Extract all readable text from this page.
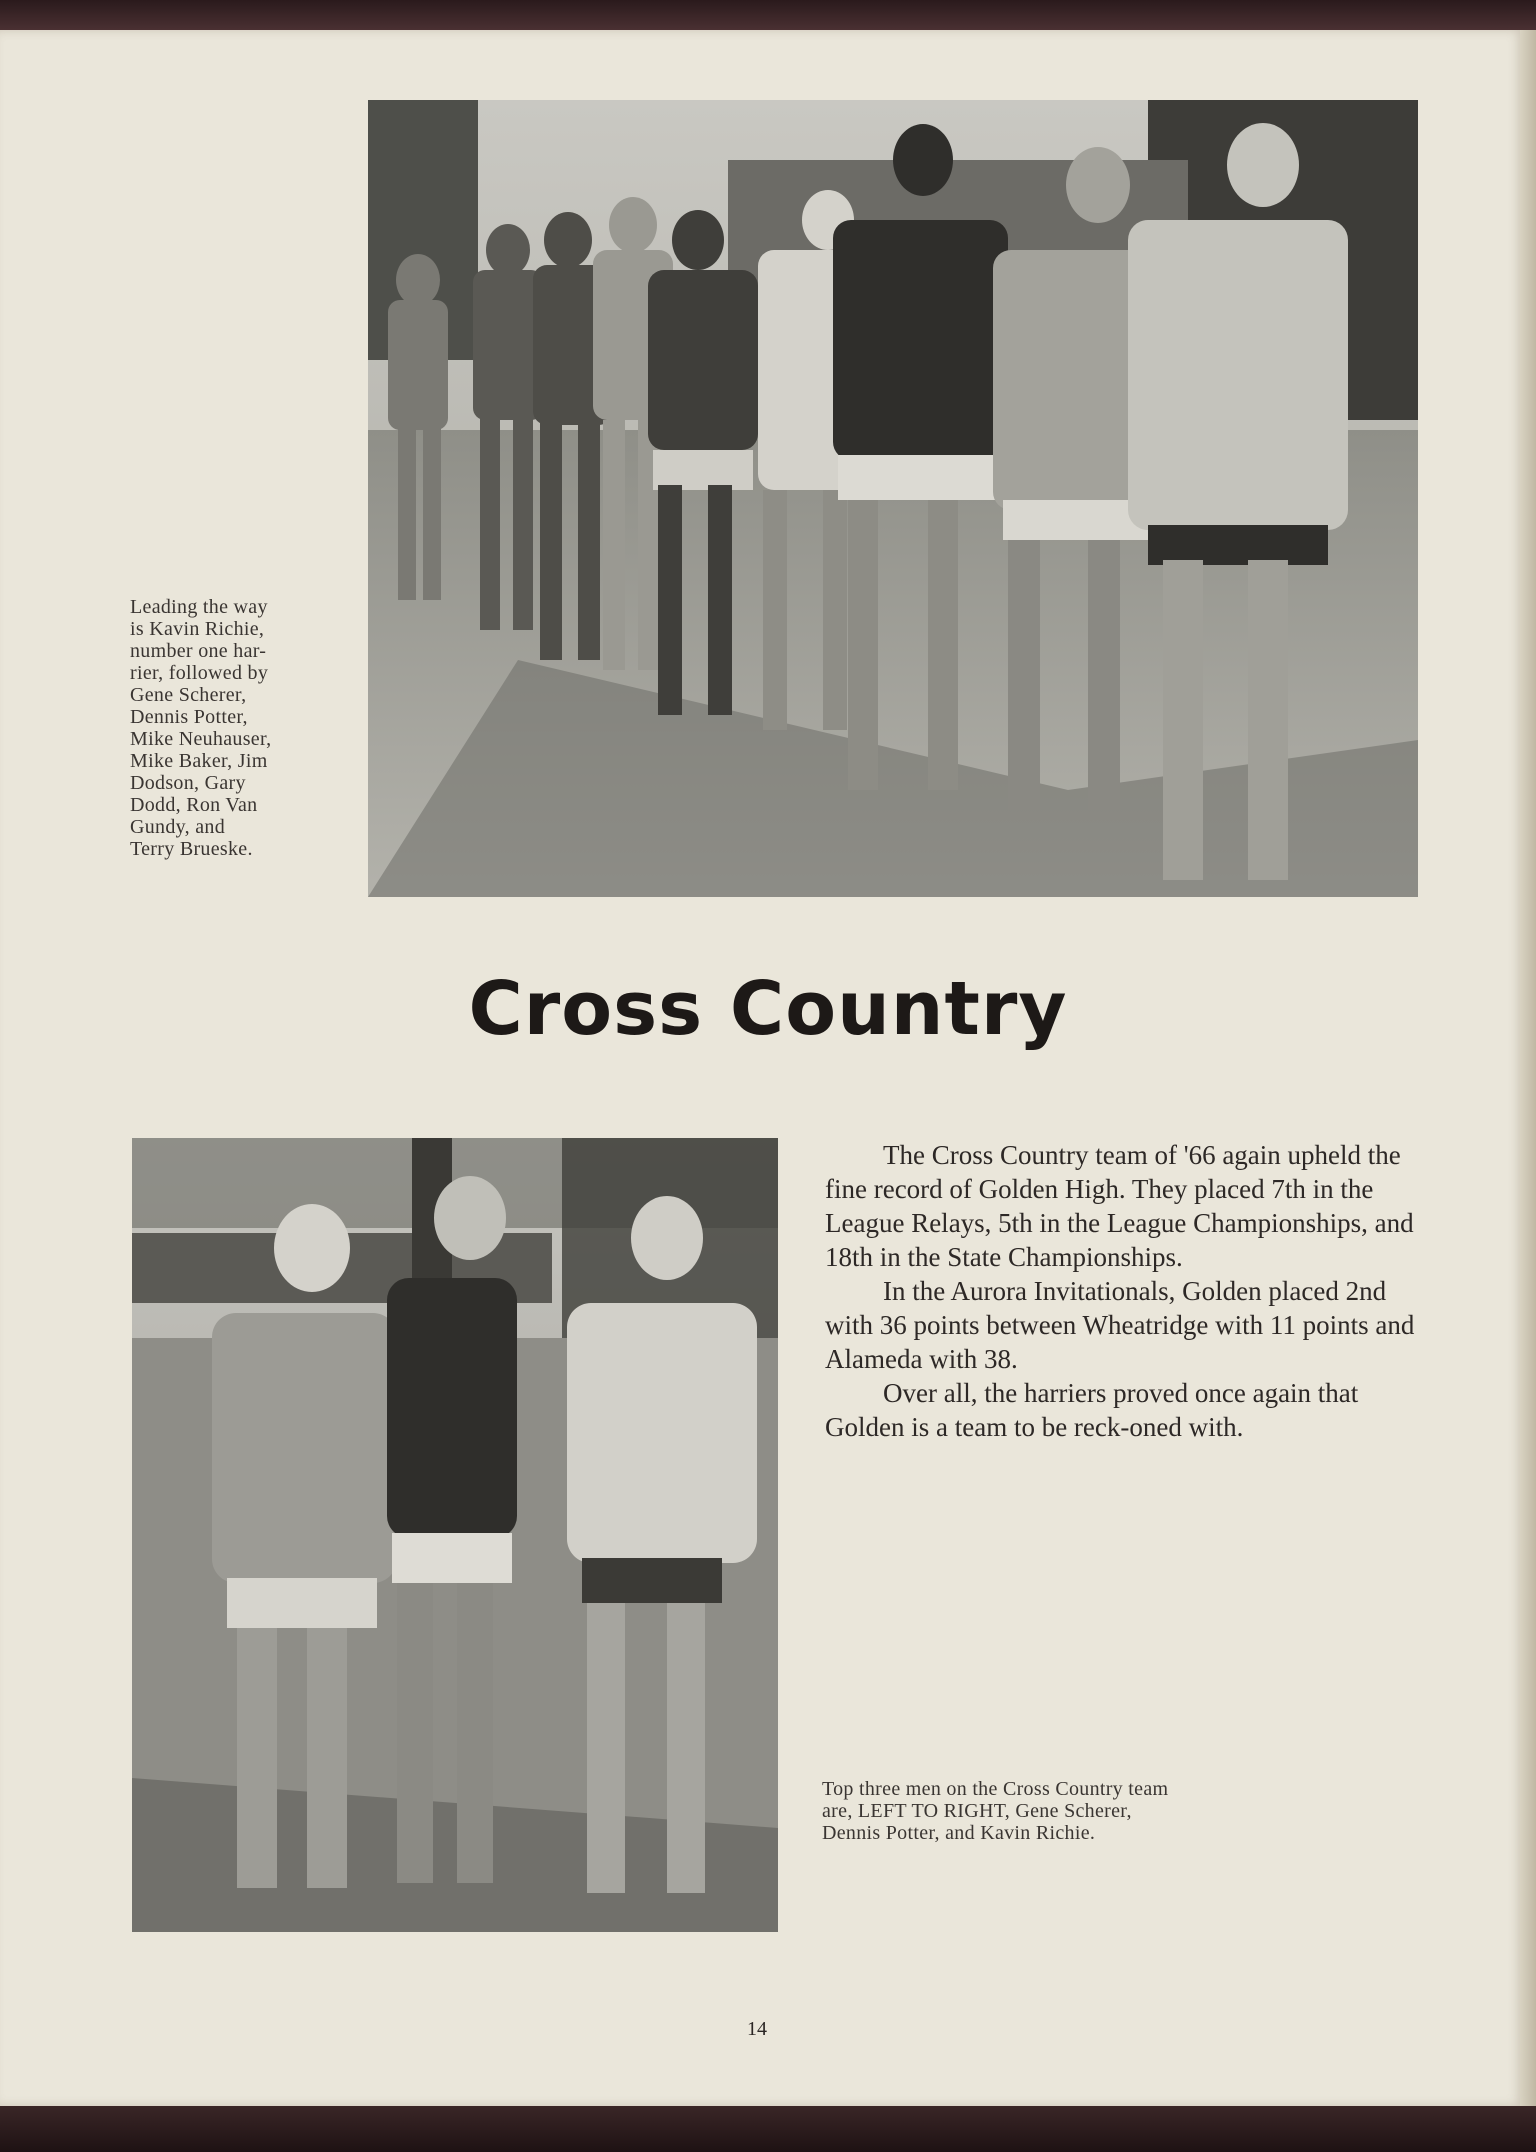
Leading the way
is Kavin Richie,
number one har-
rier, followed by
Gene Scherer,
Dennis Potter,
Mike Neuhauser,
Mike Baker, Jim
Dodson, Gary
Dodd, Ron Van
Gundy, and
Terry Brueske.
Cross Country

The Cross Country team of '66 again upheld the fine record of Golden High. They placed 7th in the League Relays, 5th in the League Championships, and 18th in the State Championships.

In the Aurora Invitationals, Golden placed 2nd with 36 points between Wheatridge with 11 points and Alameda with 38.

Over all, the harriers proved once again that Golden is a team to be reck-oned with.

Top three men on the Cross Country team are, LEFT TO RIGHT, Gene Scherer, Dennis Potter, and Kavin Richie.
14
